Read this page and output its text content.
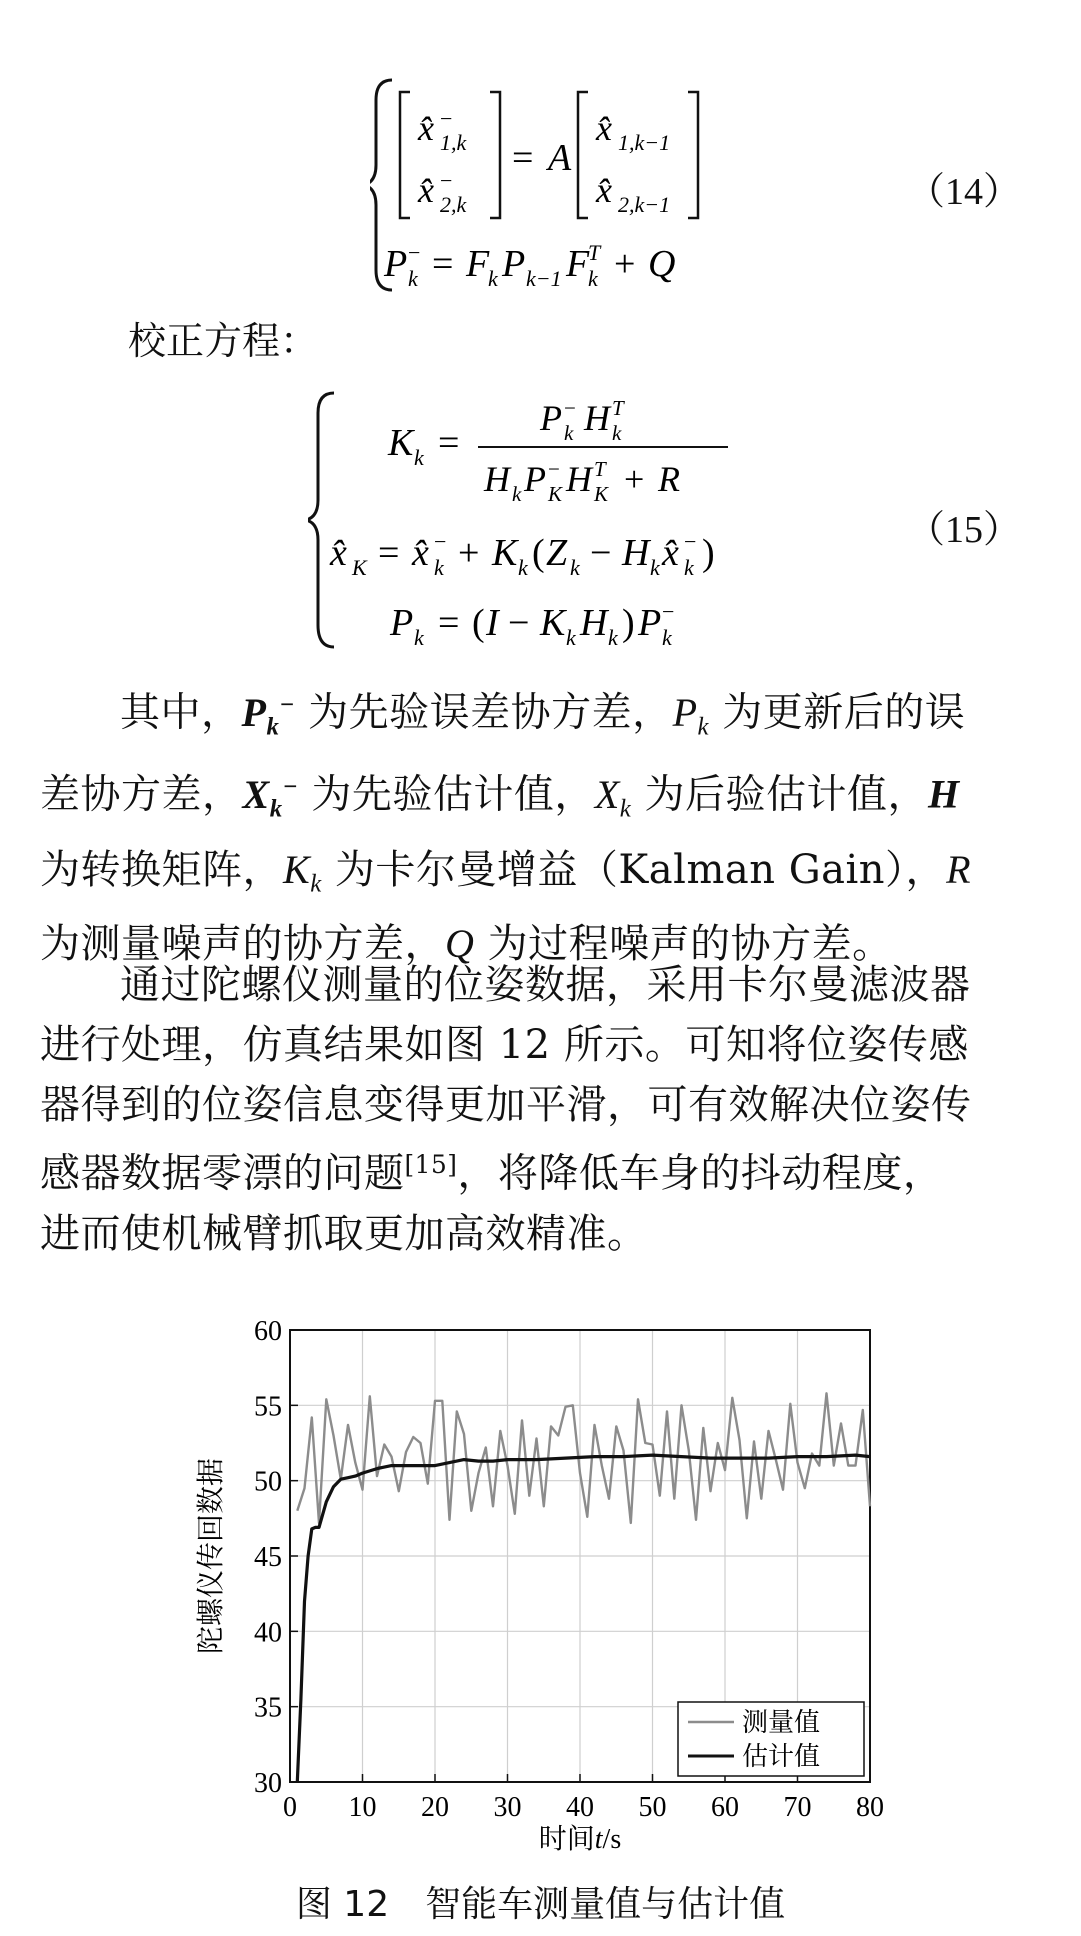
x̂ 1,k
−
x̂ 2,k
−
= A
x̂ 1,k−1
x̂ 2,k−1
P k
− = F
k P k−1 F
k
T + Q
（14）
校正方程：
K k =
P k
− H k
T
H k P K
− H K
T + R
x̂ K = x̂ k
− + K k ( Z k − H k x̂ k
− )
P k = ( I − K k H k ) P k
−
（15）
其中，$P_k^-$ 为先验误差协方差，$P_k$ 为更新后的误
差协方差，$X_k^-$ 为先验估计值，$X_k$ 为后验估计值，H
为转换矩阵，$K_k$ 为卡尔曼增益（Kalman Gain），R
为测量噪声的协方差，Q 为过程噪声的协方差。
通过陀螺仪测量的位姿数据，采用卡尔曼滤波器
进行处理，仿真结果如图 12 所示。可知将位姿传感
器得到的位姿信息变得更加平滑，可有效解决位姿传
感器数据零漂的问题[15]，将降低车身的抖动程度，
进而使机械臂抓取更加高效精准。
30
35
40
45
50
55
60
0 10 20 30 40 50 60 70 80
陀螺仪传回数据
时间t/s
测量值
估计值
图 12　智能车测量值与估计值
